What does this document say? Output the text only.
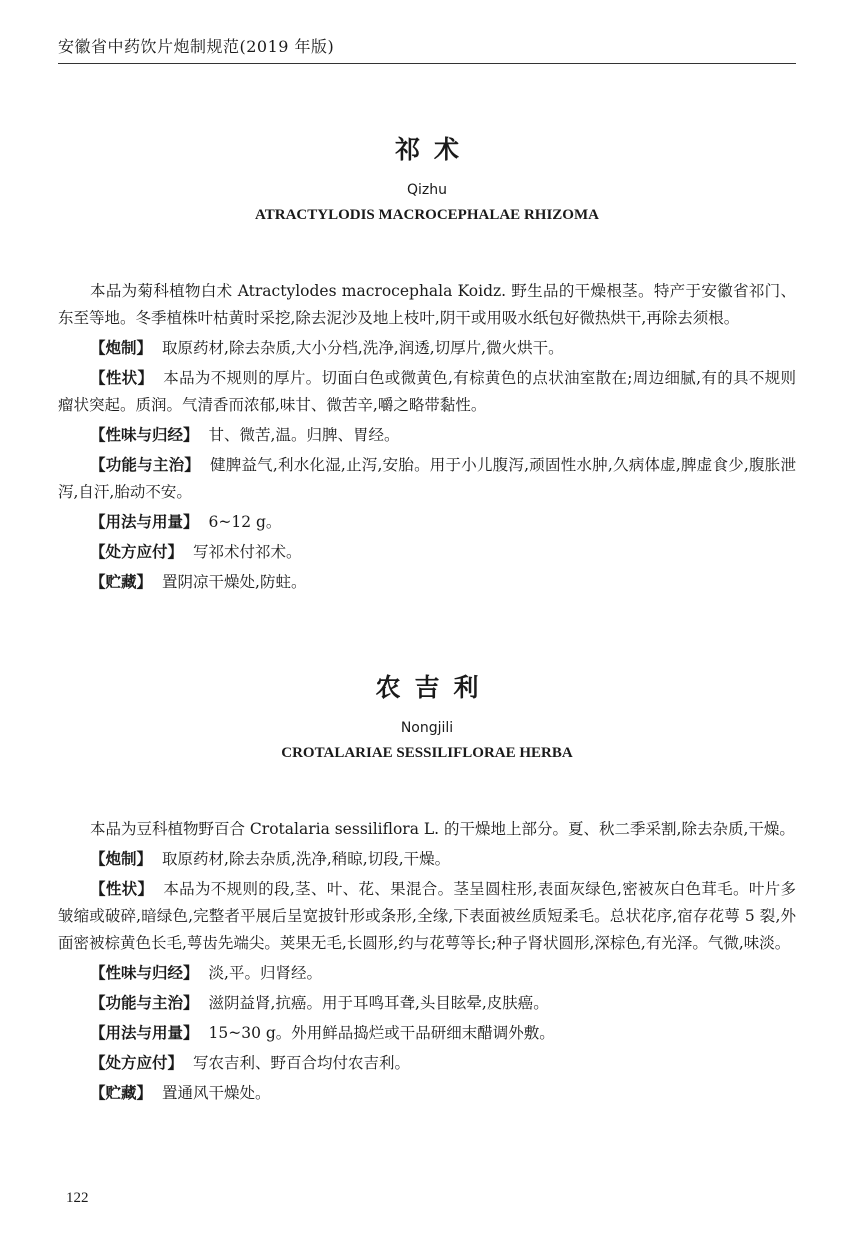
安徽省中药饮片炮制规范(2019 年版)
祁术
Qizhu
ATRACTYLODIS MACROCEPHALAE RHIZOMA

本品为菊科植物白术 Atractylodes macrocephala Koidz. 野生品的干燥根茎。特产于安徽省祁门、东至等地。冬季植株叶枯黄时采挖,除去泥沙及地上枝叶,阴干或用吸水纸包好微热烘干,再除去须根。

【炮制】 取原药材,除去杂质,大小分档,洗净,润透,切厚片,微火烘干。

【性状】 本品为不规则的厚片。切面白色或微黄色,有棕黄色的点状油室散在;周边细腻,有的具不规则瘤状突起。质润。气清香而浓郁,味甘、微苦辛,嚼之略带黏性。

【性味与归经】 甘、微苦,温。归脾、胃经。

【功能与主治】 健脾益气,利水化湿,止泻,安胎。用于小儿腹泻,顽固性水肿,久病体虚,脾虚食少,腹胀泄泻,自汗,胎动不安。

【用法与用量】 6~12 g。

【处方应付】 写祁术付祁术。

【贮藏】 置阴凉干燥处,防蛀。

农吉利
Nongjili
CROTALARIAE SESSILIFLORAE HERBA

本品为豆科植物野百合 Crotalaria sessiliflora L. 的干燥地上部分。夏、秋二季采割,除去杂质,干燥。

【炮制】 取原药材,除去杂质,洗净,稍晾,切段,干燥。

【性状】 本品为不规则的段,茎、叶、花、果混合。茎呈圆柱形,表面灰绿色,密被灰白色茸毛。叶片多皱缩或破碎,暗绿色,完整者平展后呈宽披针形或条形,全缘,下表面被丝质短柔毛。总状花序,宿存花萼 5 裂,外面密被棕黄色长毛,萼齿先端尖。荚果无毛,长圆形,约与花萼等长;种子肾状圆形,深棕色,有光泽。气微,味淡。

【性味与归经】 淡,平。归肾经。

【功能与主治】 滋阴益肾,抗癌。用于耳鸣耳聋,头目眩晕,皮肤癌。

【用法与用量】 15~30 g。外用鲜品捣烂或干品研细末醋调外敷。

【处方应付】 写农吉利、野百合均付农吉利。

【贮藏】 置通风干燥处。

122
